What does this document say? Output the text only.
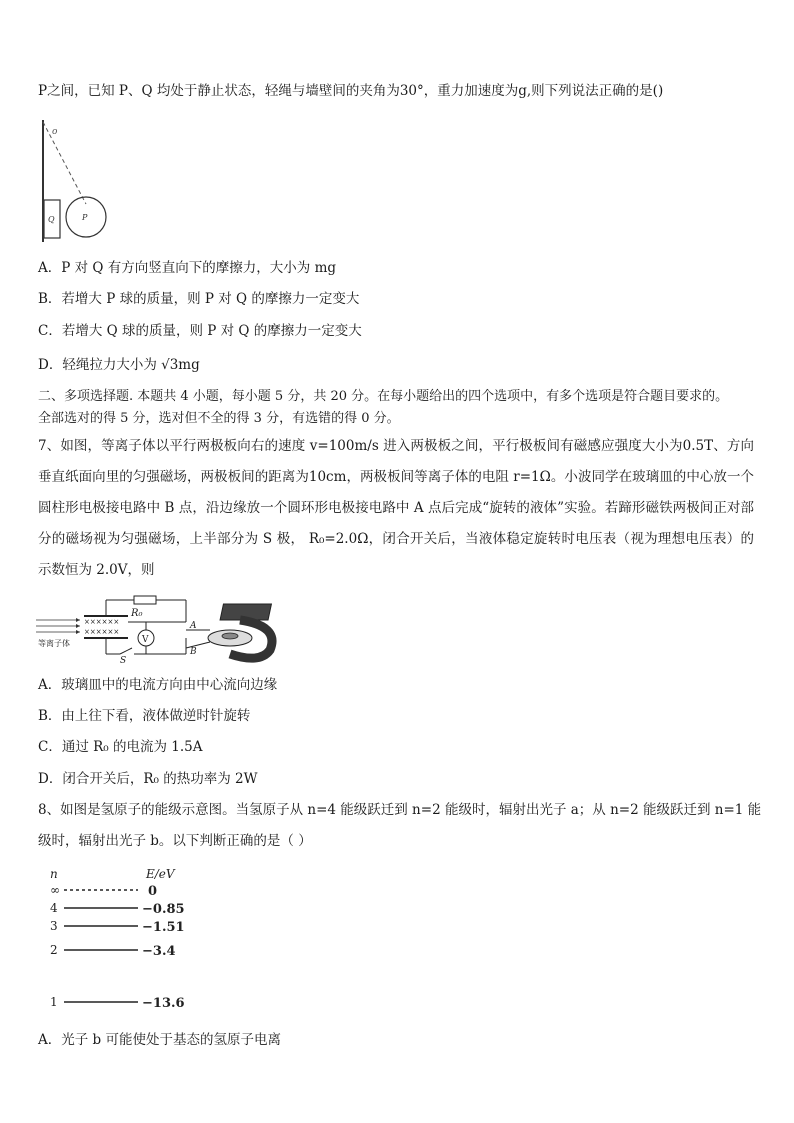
P之间，已知 P、Q 均处于静止状态，轻绳与墙壁间的夹角为30°，重力加速度为g,则下列说法正确的是()
o
Q	P
A．P 对 Q 有方向竖直向下的摩擦力，大小为 mg
B．若增大 P 球的质量，则 P 对 Q 的摩擦力一定变大
C．若增大 Q 球的质量，则 P 对 Q 的摩擦力一定变大
D．轻绳拉力大小为 √3mg
二、多项选择题. 本题共 4 小题，每小题 5 分，共 20 分。在每小题给出的四个选项中，有多个选项是符合题目要求的。
全部选对的得 5 分，选对但不全的得 3 分，有选错的得 0 分。
7、如图，等离子体以平行两极板向右的速度 v=100m/s 进入两极板之间，平行极板间有磁感应强度大小为0.5T、方向垂直纸面向里的匀强磁场，两极板间的距离为10cm，两极板间等离子体的电阻 r=1Ω。小波同学在玻璃皿的中心放一个圆柱形电极接电路中 B 点，沿边缘放一个圆环形电极接电路中 A 点后完成“旋转的液体”实验。若蹄形磁铁两极间正对部分的磁场视为匀强磁场，上半部分为 S 极， R₀=2.0Ω，闭合开关后，当液体稳定旋转时电压表（视为理想电压表）的示数恒为 2.0V，则
等离子体
××××××
××××××
R₀
V
S
A
B
A．玻璃皿中的电流方向由中心流向边缘
B．由上往下看，液体做逆时针旋转
C．通过 R₀ 的电流为 1.5A
D．闭合开关后，R₀ 的热功率为 2W
8、如图是氢原子的能级示意图。当氢原子从 n=4 能级跃迁到 n=2 能级时，辐射出光子 a；从 n=2 能级跃迁到 n=1 能
级时，辐射出光子 b。以下判断正确的是（ ）
n	E/eV
∞	0
4	−0.85
3	−1.51
2	−3.4
1	−13.6
A．光子 b 可能使处于基态的氢原子电离
